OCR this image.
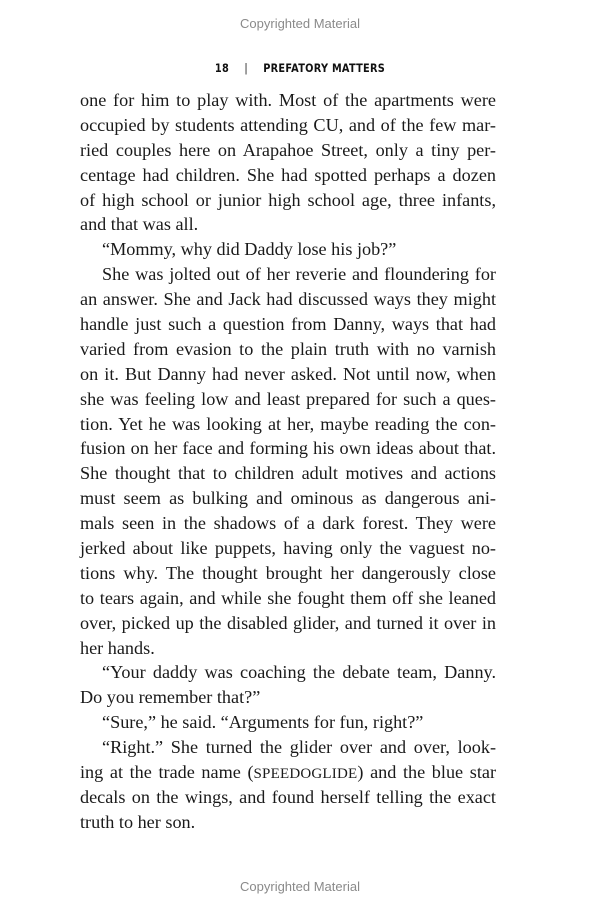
Copyrighted Material
18 | PREFATORY MATTERS
one for him to play with. Most of the apartments were
occupied by students attending CU, and of the few mar-
ried couples here on Arapahoe Street, only a tiny per-
centage had children. She had spotted perhaps a dozen
of high school or junior high school age, three infants,
and that was all.
“Mommy, why did Daddy lose his job?”
She was jolted out of her reverie and floundering for
an answer. She and Jack had discussed ways they might
handle just such a question from Danny, ways that had
varied from evasion to the plain truth with no varnish
on it. But Danny had never asked. Not until now, when
she was feeling low and least prepared for such a ques-
tion. Yet he was looking at her, maybe reading the con-
fusion on her face and forming his own ideas about that.
She thought that to children adult motives and actions
must seem as bulking and ominous as dangerous ani-
mals seen in the shadows of a dark forest. They were
jerked about like puppets, having only the vaguest no-
tions why. The thought brought her dangerously close
to tears again, and while she fought them off she leaned
over, picked up the disabled glider, and turned it over in
her hands.
“Your daddy was coaching the debate team, Danny.
Do you remember that?”
“Sure,” he said. “Arguments for fun, right?”
“Right.” She turned the glider over and over, look-
ing at the trade name (SPEEDOGLIDE) and the blue star
decals on the wings, and found herself telling the exact
truth to her son.
Copyrighted Material
